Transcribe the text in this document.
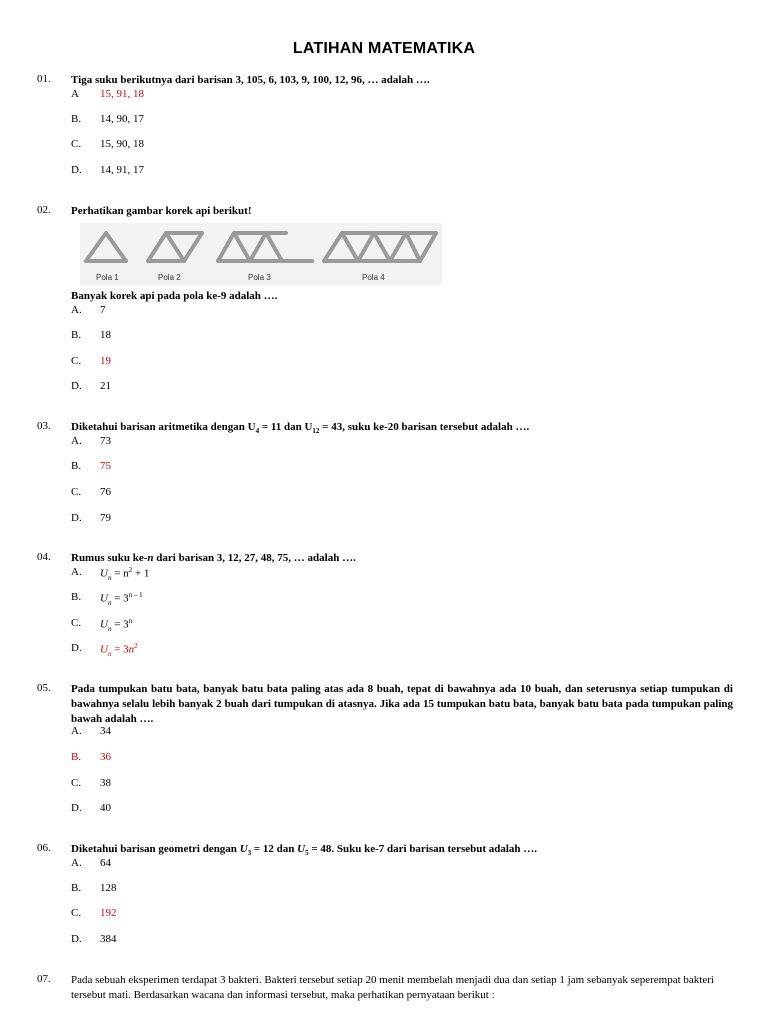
LATIHAN MATEMATIKA
01. Tiga suku berikutnya dari barisan 3, 105, 6, 103, 9, 100, 12, 96, … adalah ….
A 15, 91, 18
B. 14, 90, 17
C. 15, 90, 18
D. 14, 91, 17
02. Perhatikan gambar korek api berikut!
Pola 1	Pola 2	Pola 3	Pola 4
Banyak korek api pada pola ke-9 adalah ….
A. 7
B. 18
C. 19
D. 21
03. Diketahui barisan aritmetika dengan $U_4 = 11$ dan $U_{12} = 43$, suku ke-20 barisan tersebut adalah ….
A. 73
B. 75
C. 76
D. 79
04. Rumus suku ke-n dari barisan 3, 12, 27, 48, 75, … adalah ….
A. $U_n = n^2 + 1$
B. $U_n = 3^{n - 1}$
C. $U_n = 3^n$
D. $U_n = 3n^2$
05. Pada tumpukan batu bata, banyak batu bata paling atas ada 8 buah, tepat di bawahnya ada 10 buah, dan seterusnya setiap tumpukan di bawahnya selalu lebih banyak 2 buah dari tumpukan di atasnya. Jika ada 15 tumpukan batu bata, banyak batu bata pada tumpukan paling bawah adalah ….
A. 34
B. 36
C. 38
D. 40
06. Diketahui barisan geometri dengan $U_3 = 12$ dan $U_5 = 48$. Suku ke-7 dari barisan tersebut adalah ….
A. 64
B. 128
C. 192
D. 384
07. Pada sebuah eksperimen terdapat 3 bakteri. Bakteri tersebut setiap 20 menit membelah menjadi dua dan setiap 1 jam sebanyak seperempat bakteri tersebut mati. Berdasarkan wacana dan informasi tersebut, maka perhatikan pernyataan berikut :
